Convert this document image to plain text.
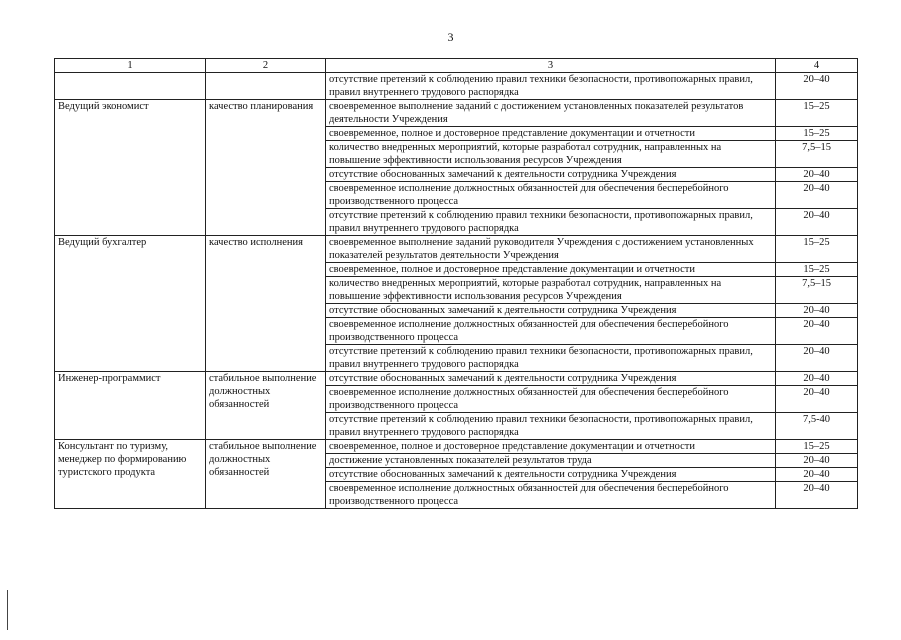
3
1	2	3	4
		отсутствие претензий к соблюдению правил техники безопасности, противопожарных правил, правил внутреннего трудового распорядка	20–40
Ведущий экономист	качество планирования	своевременное выполнение заданий с достижением установленных показателей результатов деятельности Учреждения	15–25
		своевременное, полное и достоверное представление документации и отчетности	15–25
		количество внедренных мероприятий, которые разработал сотрудник, направленных на повышение эффективности использования ресурсов Учреждения	7,5–15
		отсутствие обоснованных замечаний к деятельности сотрудника Учреждения	20–40
		своевременное исполнение должностных обязанностей для обеспечения бесперебойного производственного процесса	20–40
		отсутствие претензий к соблюдению правил техники безопасности, противопожарных правил, правил внутреннего трудового распорядка	20–40
Ведущий бухгалтер	качество исполнения	своевременное выполнение заданий руководителя Учреждения с достижением установленных показателей результатов деятельности Учреждения	15–25
		своевременное, полное и достоверное представление документации и отчетности	15–25
		количество внедренных мероприятий, которые разработал сотрудник, направленных на повышение эффективности использования ресурсов Учреждения	7,5–15
		отсутствие обоснованных замечаний к деятельности сотрудника Учреждения	20–40
		своевременное исполнение должностных обязанностей для обеспечения бесперебойного производственного процесса	20–40
		отсутствие претензий к соблюдению правил техники безопасности, противопожарных правил, правил внутреннего трудового распорядка	20–40
Инженер-программист	стабильное выполнение должностных обязанностей	отсутствие обоснованных замечаний к деятельности сотрудника Учреждения	20–40
		своевременное исполнение должностных обязанностей для обеспечения бесперебойного производственного процесса	20–40
		отсутствие претензий к соблюдению правил техники безопасности, противопожарных правил, правил внутреннего трудового распорядка	7,5-40
Консультант по туризму, менеджер по формированию туристского продукта	стабильное выполнение должностных обязанностей	своевременное, полное и достоверное представление документации и отчетности	15–25
		достижение установленных показателей результатов труда	20–40
		отсутствие обоснованных замечаний к деятельности сотрудника Учреждения	20–40
		своевременное исполнение должностных обязанностей для обеспечения бесперебойного производственного процесса	20–40
